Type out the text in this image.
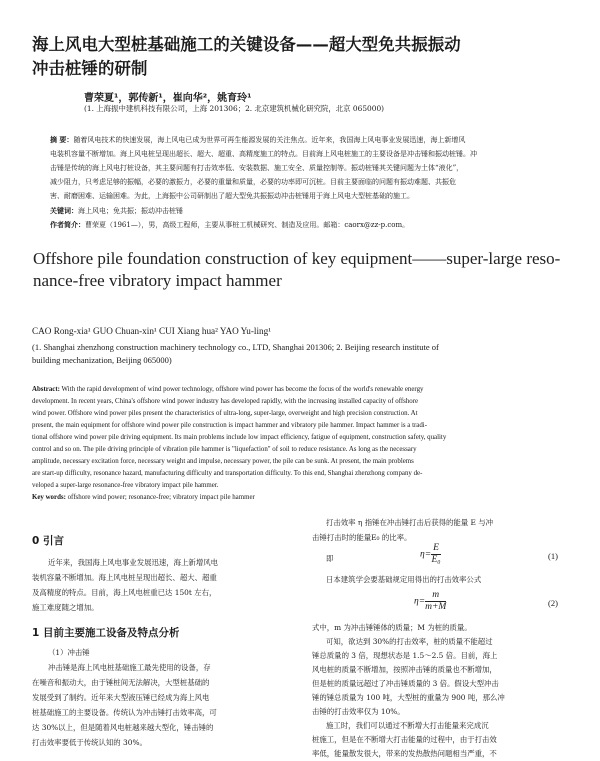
海上风电大型桩基础施工的关键设备——超大型免共振振动
冲击桩锤的研制
曹荣夏¹，郭传新¹，崔向华²，姚育玲¹
(1. 上海振中建机科技有限公司，上海 201306；2. 北京建筑机械化研究院，北京 065000)
摘 要：随着风电技术的快速发展，海上风电已成为世界可再生能源发展的关注焦点。近年来，我国海上风电事业发展迅速，海上新增风
电装机容量不断增加。海上风电桩呈现出超长、超大、超重、高精度施工的特点。目前海上风电桩施工的主要设备是冲击锤和振动桩锤。冲
击锤是传统的海上风电打桩设备，其主要问题有打击效率低、安装数据、施工安全、质量控制等。振动桩锤其关键问题为土体“液化”，
减少阻力，只考虑足够的振幅，必要的激振力，必要的重量和质量，必要的功率即可沉桩。目前主要面临的问题有振动难题、共振危
害、耐磨困难、运输困难。为此，上海振中公司研制出了超大型免共振振动冲击桩锤用于海上风电大型桩基础的施工。
关键词：海上风电；免共振；振动冲击桩锤
作者简介：曹荣夏（1961—），男，高级工程师，主要从事桩工机械研究、制造及应用。邮箱：caorx@zz-p.com。
Offshore pile foundation construction of key equipment——super-large reso-
nance-free vibratory impact hammer
CAO Rong-xia¹ GUO Chuan-xin¹ CUI Xiang hua² YAO Yu-ling¹
(1. Shanghai zhenzhong construction machinery technology co., LTD, Shanghai 201306; 2. Beijing research institute of
building mechanization, Beijing 065000)
Abstract: With the rapid development of wind power technology, offshore wind power has become the focus of the world's renewable energy
development. In recent years, China's offshore wind power industry has developed rapidly, with the increasing installed capacity of offshore
wind power. Offshore wind power piles present the characteristics of ultra-long, super-large, overweight and high precision construction. At
present, the main equipment for offshore wind power pile construction is impact hammer and vibratory pile hammer. Impact hammer is a tradi-
tional offshore wind power pile driving equipment. Its main problems include low impact efficiency, fatigue of equipment, construction safety, quality
control and so on. The pile driving principle of vibration pile hammer is "liquefaction" of soil to reduce resistance. As long as the necessary
amplitude, necessary excitation force, necessary weight and impulse, necessary power, the pile can be sunk. At present, the main problems
are start-up difficulty, resonance hazard, manufacturing difficulty and transportation difficulty. To this end, Shanghai zhenzhong company de-
veloped a super-large resonance-free vibratory impact pile hammer.
Key words: offshore wind power; resonance-free; vibratory impact pile hammer
0 引言
近年来，我国海上风电事业发展迅速，海上新增风电
装机容量不断增加。海上风电桩呈现出超长、超大、超重
及高精度的特点。目前，海上风电桩重已达 150t 左右，
施工难度随之增加。
1 目前主要施工设备及特点分析
（1）冲击锤
冲击锤是海上风电桩基础施工最先使用的设备，存
在噪音和振动大，由于锤桩间无法解决，大型桩基础的
发展受到了制约。近年来大型液压锤已经成为海上风电
桩基础施工的主要设备。传统认为冲击锤打击效率高，可
达 30%以上，但是随着风电桩越来越大型化，锤击锤的
打击效率要低于传统认知的 30%。
打击效率 η 指锤在冲击锤打击后获得的能量 E 与冲
击锤打击时的能量E₀ 的比率。
即	$\eta= \frac{E}{\text{E₀}}$	(1)
日本建筑学会要基础规定用得出的打击效率公式
$\eta= \frac{m}{m+M}$	(2)
式中，m 为冲击锤锤体的质量；M 为桩的质量。
可知，欲达到 30%的打击效率，桩的质量不能超过
锤总质量的 3 倍，现想状态是 1.5～2.5 倍。目前，海上
风电桩的质量不断增加，按照冲击锤的质量也不断增加，
但是桩的质量远超过了冲击锤质量的 3 倍。假设大型冲击
锤的锤总质量为 100 吨，大型桩的重量为 900 吨，那么冲
击锤的打击效率仅为 10%。
施工时，我们可以通过不断增大打击能量来完成沉
桩施工，但是在不断增大打击能量的过程中，由于打击效
率低，能量散发很大，带来的发热散热问题相当严重，不
